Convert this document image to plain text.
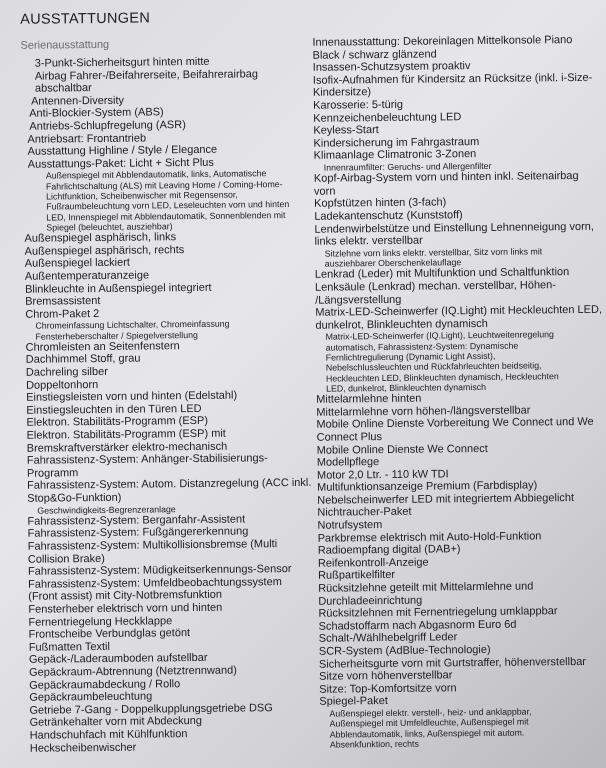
AUSSTATTUNGEN
Serienausstattung
3-Punkt-Sicherheitsgurt hinten mitte
Airbag Fahrer-/Beifahrerseite, Beifahrerairbag
abschaltbar
Antennen-Diversity
Anti-Blockier-System (ABS)
Antriebs-Schlupfregelung (ASR)
Antriebsart: Frontantrieb
Ausstattung Highline / Style / Elegance
Ausstattungs-Paket: Licht + Sicht Plus
Außenspiegel mit Abblendautomatik, links, Automatische
Fahrlichtschaltung (ALS) mit Leaving Home / Coming-Home-
Lichtfunktion, Scheibenwischer mit Regensensor,
Fußraumbeleuchtung vorn LED, Leseleuchten vorn und hinten
LED, Innenspiegel mit Abblendautomatik, Sonnenblenden mit
Spiegel (beleuchtet, ausziehbar)
Außenspiegel asphärisch, links
Außenspiegel asphärisch, rechts
Außenspiegel lackiert
Außentemperaturanzeige
Blinkleuchte in Außenspiegel integriert
Bremsassistent
Chrom-Paket 2
Chromeinfassung Lichtschalter, Chromeinfassung
Fensterheberschalter / Spiegelverstellung
Chromleisten an Seitenfenstern
Dachhimmel Stoff, grau
Dachreling silber
Doppeltonhorn
Einstiegsleisten vorn und hinten (Edelstahl)
Einstiegsleuchten in den Türen LED
Elektron. Stabilitäts-Programm (ESP)
Elektron. Stabilitäts-Programm (ESP) mit
Bremskraftverstärker elektro-mechanisch
Fahrassistenz-System: Anhänger-Stabilisierungs-
Programm
Fahrassistenz-System: Autom. Distanzregelung (ACC inkl.
Stop&Go-Funktion)
Geschwindigkeits-Begrenzeranlage
Fahrassistenz-System: Berganfahr-Assistent
Fahrassistenz-System: Fußgängererkennung
Fahrassistenz-System: Multikollisionsbremse (Multi
Collision Brake)
Fahrassistenz-System: Müdigkeitserkennungs-Sensor
Fahrassistenz-System: Umfeldbeobachtungssystem
(Front assist) mit City-Notbremsfunktion
Fensterheber elektrisch vorn und hinten
Fernentriegelung Heckklappe
Frontscheibe Verbundglas getönt
Fußmatten Textil
Gepäck-/Laderaumboden aufstellbar
Gepäckraum-Abtrennung (Netztrennwand)
Gepäckraumabdeckung / Rollo
Gepäckraumbeleuchtung
Getriebe 7-Gang - Doppelkupplungsgetriebe DSG
Getränkehalter vorn mit Abdeckung
Handschuhfach mit Kühlfunktion
Heckscheibenwischer
Innenausstattung: Dekoreinlagen Mittelkonsole Piano
Black / schwarz glänzend
Insassen-Schutzsystem proaktiv
Isofix-Aufnahmen für Kindersitz an Rücksitze (inkl. i-Size-
Kindersitze)
Karosserie: 5-türig
Kennzeichenbeleuchtung LED
Keyless-Start
Kindersicherung im Fahrgastraum
Klimaanlage Climatronic 3-Zonen
Innenraumfilter: Geruchs- und Allergenfilter
Kopf-Airbag-System vorn und hinten inkl. Seitenairbag
vorn
Kopfstützen hinten (3-fach)
Ladekantenschutz (Kunststoff)
Lendenwirbelstütze und Einstellung Lehnenneigung vorn,
links elektr. verstellbar
Sitzlehne vorn links elektr. verstellbar, Sitz vorn links mit
ausziehbarer Oberschenkelauflage
Lenkrad (Leder) mit Multifunktion und Schaltfunktion
Lenksäule (Lenkrad) mechan. verstellbar, Höhen-
/Längsverstellung
Matrix-LED-Scheinwerfer (IQ.Light) mit Heckleuchten LED,
dunkelrot, Blinkleuchten dynamisch
Matrix-LED-Scheinwerfer (IQ.Light), Leuchtweitenregelung
automatisch, Fahrassistenz-System: Dynamische
Fernlichtregulierung (Dynamic Light Assist),
Nebelschlussleuchten und Rückfahrleuchten beidseitig,
Heckleuchten LED, Blinkleuchten dynamisch, Heckleuchten
LED, dunkelrot, Blinkleuchten dynamisch
Mittelarmlehne hinten
Mittelarmlehne vorn höhen-/längsverstellbar
Mobile Online Dienste Vorbereitung We Connect und We
Connect Plus
Mobile Online Dienste We Connect
Modellpflege
Motor 2,0 Ltr. - 110 kW TDI
Multifunktionsanzeige Premium (Farbdisplay)
Nebelscheinwerfer LED mit integriertem Abbiegelicht
Nichtraucher-Paket
Notrufsystem
Parkbremse elektrisch mit Auto-Hold-Funktion
Radioempfang digital (DAB+)
Reifenkontroll-Anzeige
Rußpartikelfilter
Rücksitzlehne geteilt mit Mittelarmlehne und
Durchladeeinrichtung
Rücksitzlehnen mit Fernentriegelung umklappbar
Schadstoffarm nach Abgasnorm Euro 6d
Schalt-/Wählhebelgriff Leder
SCR-System (AdBlue-Technologie)
Sicherheitsgurte vorn mit Gurtstraffer, höhenverstellbar
Sitze vorn höhenverstellbar
Sitze: Top-Komfortsitze vorn
Spiegel-Paket
Außenspiegel elektr. verstell-, heiz- und anklappbar,
Außenspiegel mit Umfeldleuchte, Außenspiegel mit
Abblendautomatik, links, Außenspiegel mit autom.
Absenkfunktion, rechts
